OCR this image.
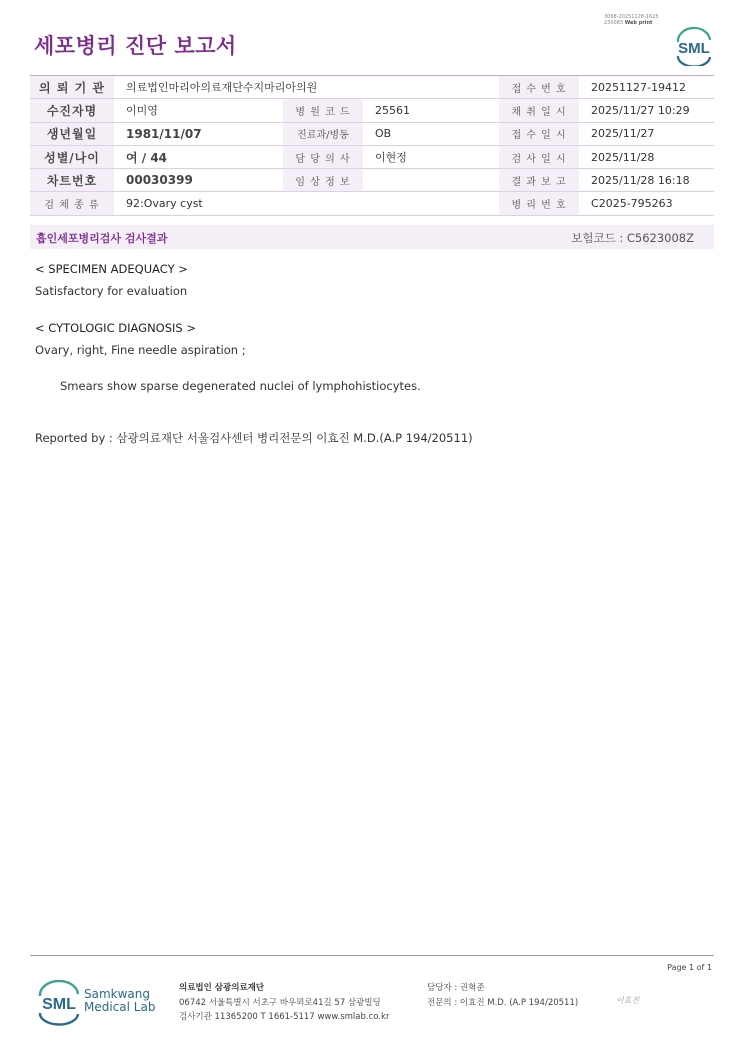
3068-20251128-1625
230083 Web print
세포병리 진단 보고서	SML
의 뢰 기 관	의료법인마리아의료재단수지마리아의원			접 수 번 호	20251127-19412
수진자명	이미영	병 원 코 드	25561	채 취 일 시	2025/11/27 10:29
생년월일	1981/11/07	진료과/병동	OB	접 수 일 시	2025/11/27
성별/나이	여 / 44	담 당 의 사	이현정	검 사 일 시	2025/11/28
차트번호	00030399	임 상 정 보		결 과 보 고	2025/11/28 16:18
검 체 종 류	92:Ovary cyst			병 리 번 호	C2025-795263
흡인세포병리검사 검사결과	보험코드 : C5623008Z
< SPECIMEN ADEQUACY >
Satisfactory for evaluation
< CYTOLOGIC DIAGNOSIS >
Ovary, right, Fine needle aspiration ;
Smears show sparse degenerated nuclei of lymphohistiocytes.
Reported by : 삼광의료재단 서울검사센터 병리전문의 이효진 M.D.(A.P 194/20511)
Page 1 of 1
SML
Samkwang
Medical Lab
의료법인 삼광의료재단
06742 서울특별시 서초구 바우뫼로41길 57 삼광빌딩
검사기관 11365200 T 1661-5117 www.smlab.co.kr
담당자 : 권혁준
전문의 : 이효진 M.D. (A.P 194/20511)	이효진
